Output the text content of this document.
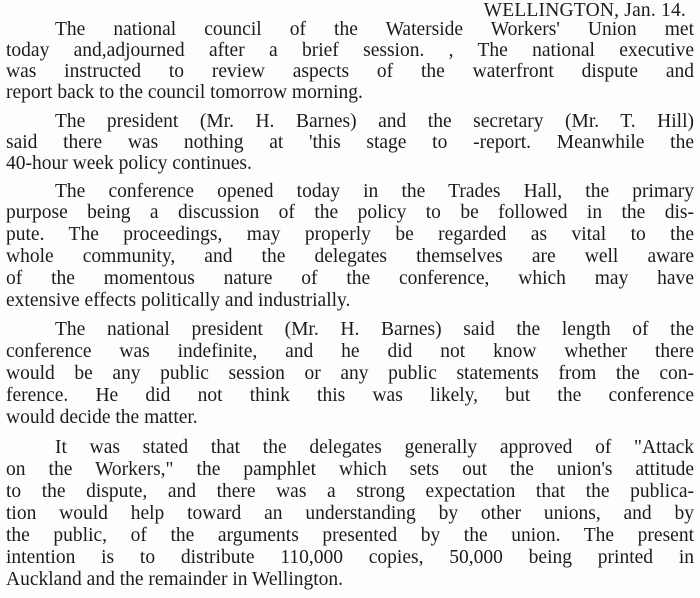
WELLINGTON, Jan. 14.
The national council of the Waterside Workers' Union met
today and,adjourned after a brief session. , The national executive
was instructed to review aspects of the waterfront dispute and
report back to the council tomorrow morning.
The president (Mr. H. Barnes) and the secretary (Mr. T. Hill)
said there was nothing at 'this stage to -report. Meanwhile the
40-hour week policy continues.
The conference opened today in the Trades Hall, the primary
purpose being a discussion of the policy to be followed in the dis-
pute. The proceedings, may properly be regarded as vital to the
whole community, and the delegates themselves are well aware
of the momentous nature of the conference, which may have
extensive effects politically and industrially.
The national president (Mr. H. Barnes) said the length of the
conference was indefinite, and he did not know whether there
would be any public session or any public statements from the con-
ference. He did not think this was likely, but the conference
would decide the matter.
It was stated that the delegates generally approved of "Attack
on the Workers," the pamphlet which sets out the union's attitude
to the dispute, and there was a strong expectation that the publica-
tion would help toward an understanding by other unions, and by
the public, of the arguments presented by the union. The present
intention is to distribute 110,000 copies, 50,000 being printed in
Auckland and the remainder in Wellington.
